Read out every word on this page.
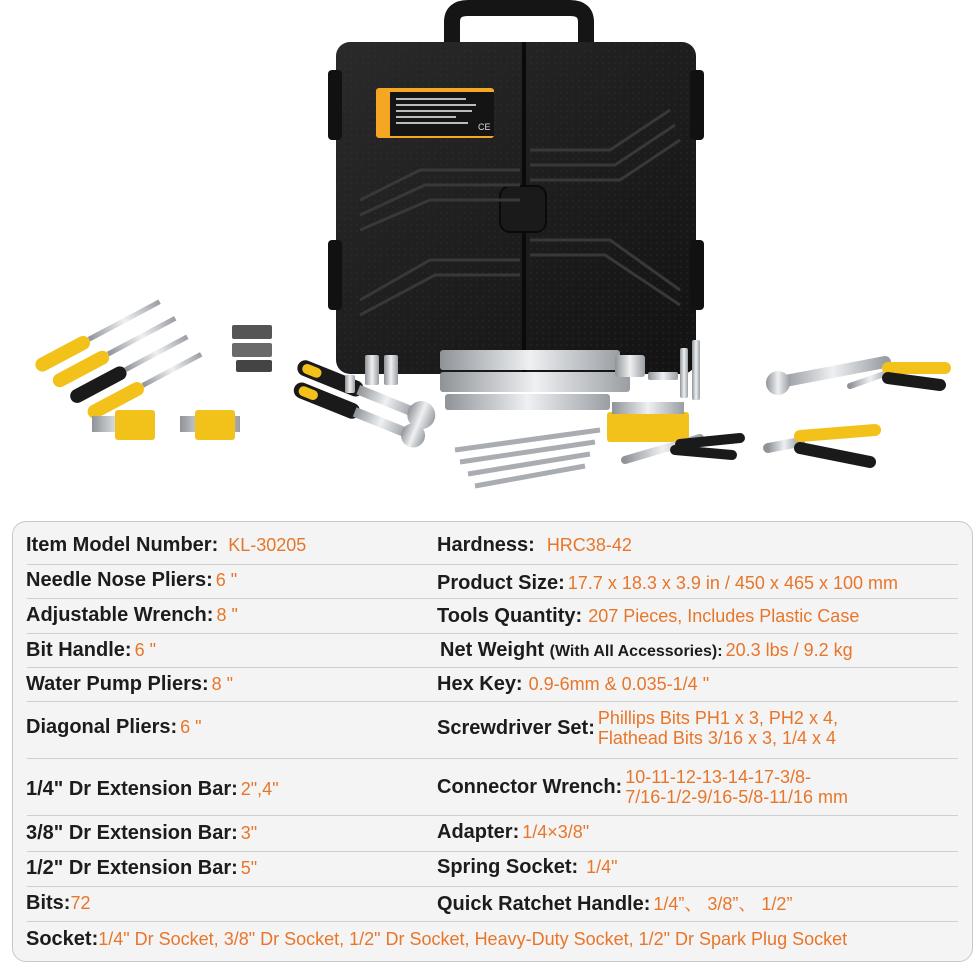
CE
Item Model Number: KL-30205
Needle Nose Pliers: 6 "
Adjustable Wrench: 8 "
Bit Handle: 6 "
Water Pump Pliers: 8 "
Diagonal Pliers: 6 "
1/4" Dr Extension Bar: 2",4"
3/8" Dr Extension Bar: 3"
1/2" Dr Extension Bar: 5"
Bits: 72
Hardness: HRC38-42
Product Size: 17.7 x 18.3 x 3.9 in / 450 x 465 x 100 mm
Tools Quantity: 207 Pieces, Includes Plastic Case
Net Weight (With All Accessories): 20.3 lbs / 9.2 kg
Hex Key: 0.9-6mm & 0.035-1/4 "
Screwdriver Set: Phillips Bits PH1 x 3, PH2 x 4,
Flathead Bits 3/16 x 3, 1/4 x 4
Connector Wrench: 10-11-12-13-14-17-3/8-
7/16-1/2-9/16-5/8-11/16 mm
Adapter: 1/4×3/8"
Spring Socket: 1/4"
Quick Ratchet Handle: 1/4”、 3/8”、 1/2”
Socket: 1/4" Dr Socket, 3/8" Dr Socket, 1/2" Dr Socket, Heavy-Duty Socket, 1/2" Dr Spark Plug Socket
